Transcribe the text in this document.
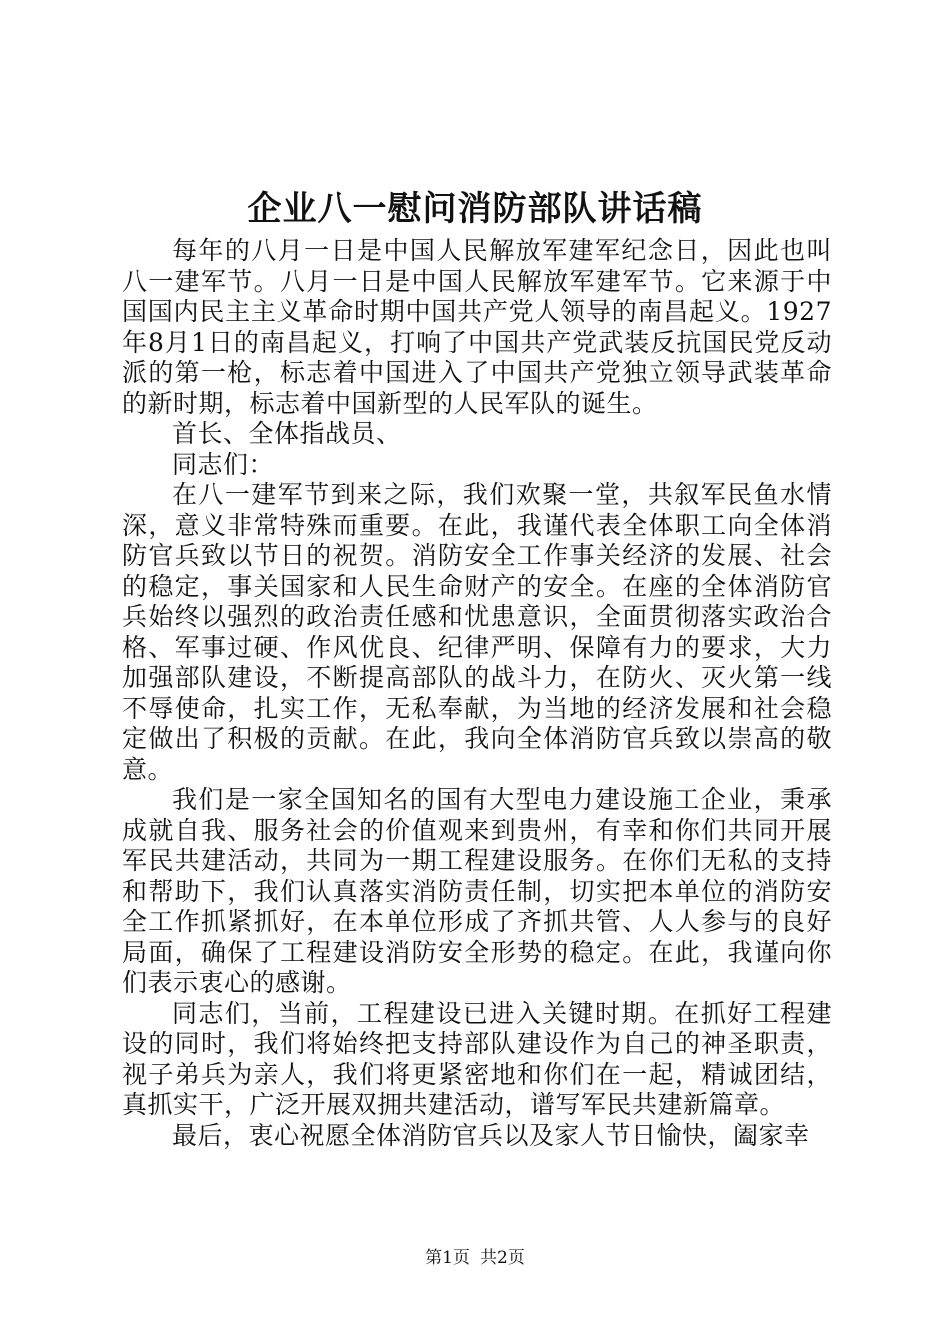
企业八一慰问消防部队讲话稿

每年的八月一日是中国人民解放军建军纪念日，因此也叫八一建军节。八月一日是中国人民解放军建军节。它来源于中国国内民主主义革命时期中国共产党人领导的南昌起义。1927年8月1日的南昌起义，打响了中国共产党武装反抗国民党反动派的第一枪，标志着中国进入了中国共产党独立领导武装革命的新时期，标志着中国新型的人民军队的诞生。

首长、全体指战员、

同志们：

在八一建军节到来之际，我们欢聚一堂，共叙军民鱼水情深，意义非常特殊而重要。在此，我谨代表全体职工向全体消防官兵致以节日的祝贺。消防安全工作事关经济的发展、社会的稳定，事关国家和人民生命财产的安全。在座的全体消防官兵始终以强烈的政治责任感和忧患意识，全面贯彻落实政治合格、军事过硬、作风优良、纪律严明、保障有力的要求，大力加强部队建设，不断提高部队的战斗力，在防火、灭火第一线不辱使命，扎实工作，无私奉献，为当地的经济发展和社会稳定做出了积极的贡献。在此，我向全体消防官兵致以崇高的敬意。

我们是一家全国知名的国有大型电力建设施工企业，秉承成就自我、服务社会的价值观来到贵州，有幸和你们共同开展军民共建活动，共同为一期工程建设服务。在你们无私的支持和帮助下，我们认真落实消防责任制，切实把本单位的消防安全工作抓紧抓好，在本单位形成了齐抓共管、人人参与的良好局面，确保了工程建设消防安全形势的稳定。在此，我谨向你们表示衷心的感谢。

同志们，当前，工程建设已进入关键时期。在抓好工程建设的同时，我们将始终把支持部队建设作为自己的神圣职责，视子弟兵为亲人，我们将更紧密地和你们在一起，精诚团结，真抓实干，广泛开展双拥共建活动，谱写军民共建新篇章。

最后，衷心祝愿全体消防官兵以及家人节日愉快，阖家幸

第1页 共2页
